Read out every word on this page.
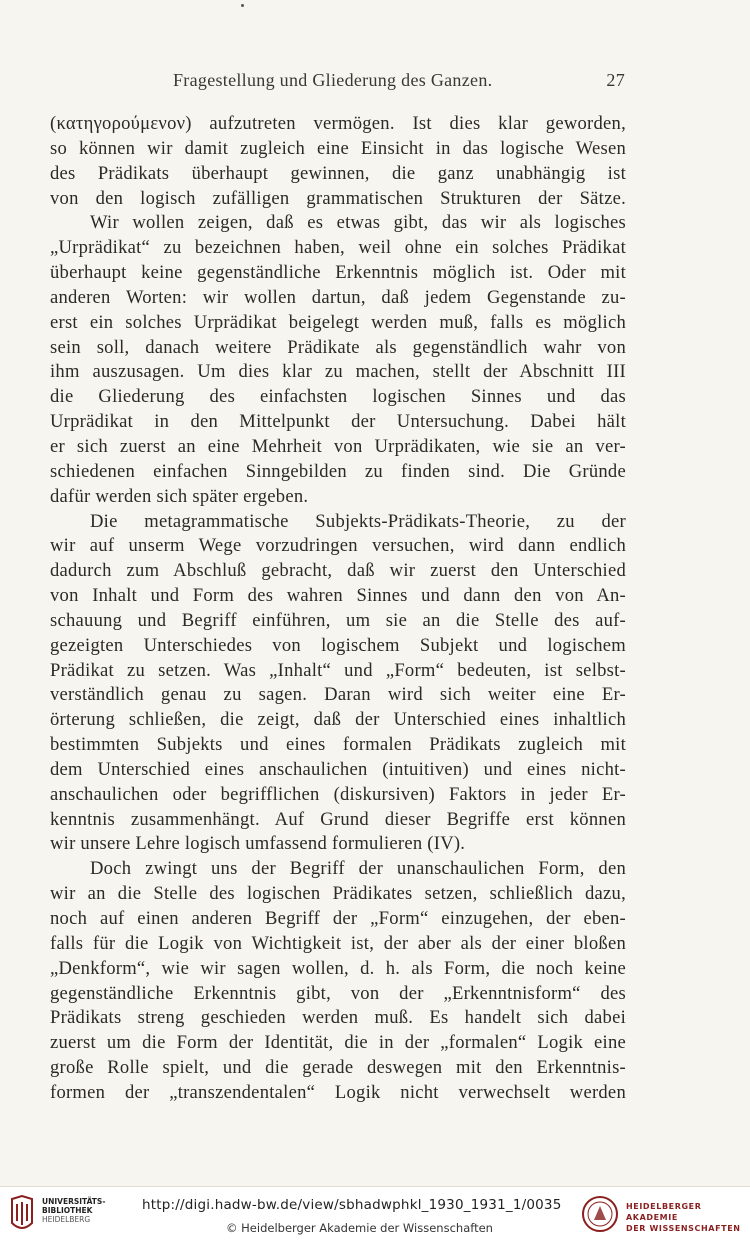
Fragestellung und Gliederung des Ganzen.	27
(κατηγορούμενον) aufzutreten vermögen. Ist dies klar geworden,
so können wir damit zugleich eine Einsicht in das logische Wesen
des Prädikats überhaupt gewinnen, die ganz unabhängig ist
von den logisch zufälligen grammatischen Strukturen der Sätze.
Wir wollen zeigen, daß es etwas gibt, das wir als logisches
„Urprädikat“ zu bezeichnen haben, weil ohne ein solches Prädikat
überhaupt keine gegenständliche Erkenntnis möglich ist. Oder mit
anderen Worten: wir wollen dartun, daß jedem Gegenstande zu-
erst ein solches Urprädikat beigelegt werden muß, falls es möglich
sein soll, danach weitere Prädikate als gegenständlich wahr von
ihm auszusagen. Um dies klar zu machen, stellt der Abschnitt III
die Gliederung des einfachsten logischen Sinnes und das
Urprädikat in den Mittelpunkt der Untersuchung. Dabei hält
er sich zuerst an eine Mehrheit von Urprädikaten, wie sie an ver-
schiedenen einfachen Sinngebilden zu finden sind. Die Gründe
dafür werden sich später ergeben.
Die metagrammatische Subjekts-Prädikats-Theorie, zu der
wir auf unserm Wege vorzudringen versuchen, wird dann endlich
dadurch zum Abschluß gebracht, daß wir zuerst den Unterschied
von Inhalt und Form des wahren Sinnes und dann den von An-
schauung und Begriff einführen, um sie an die Stelle des auf-
gezeigten Unterschiedes von logischem Subjekt und logischem
Prädikat zu setzen. Was „Inhalt“ und „Form“ bedeuten, ist selbst-
verständlich genau zu sagen. Daran wird sich weiter eine Er-
örterung schließen, die zeigt, daß der Unterschied eines inhaltlich
bestimmten Subjekts und eines formalen Prädikats zugleich mit
dem Unterschied eines anschaulichen (intuitiven) und eines nicht-
anschaulichen oder begrifflichen (diskursiven) Faktors in jeder Er-
kenntnis zusammenhängt. Auf Grund dieser Begriffe erst können
wir unsere Lehre logisch umfassend formulieren (IV).
Doch zwingt uns der Begriff der unanschaulichen Form, den
wir an die Stelle des logischen Prädikates setzen, schließlich dazu,
noch auf einen anderen Begriff der „Form“ einzugehen, der eben-
falls für die Logik von Wichtigkeit ist, der aber als der einer bloßen
„Denkform“, wie wir sagen wollen, d. h. als Form, die noch keine
gegenständliche Erkenntnis gibt, von der „Erkenntnisform“ des
Prädikats streng geschieden werden muß. Es handelt sich dabei
zuerst um die Form der Identität, die in der „formalen“ Logik eine
große Rolle spielt, und die gerade deswegen mit den Erkenntnis-
formen der „transzendentalen“ Logik nicht verwechselt werden
UNIVERSITÄTS-
BIBLIOTHEK
HEIDELBERG
http://digi.hadw-bw.de/view/sbhadwphkl_1930_1931_1/0035
© Heidelberger Akademie der Wissenschaften
HEIDELBERGER AKADEMIE
DER WISSENSCHAFTEN
